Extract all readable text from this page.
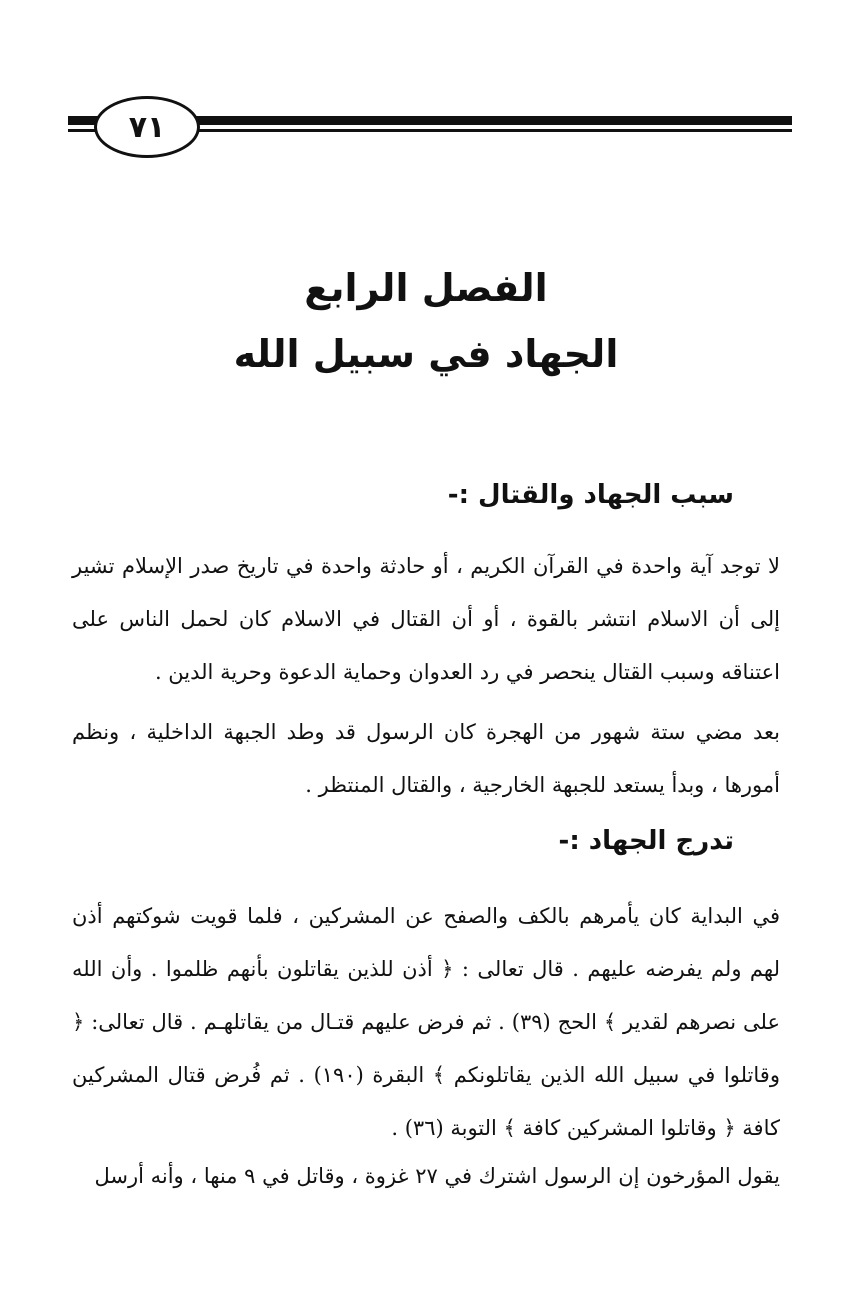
٧١
الفصل الرابع
الجهاد في سبيل الله
سبب الجهاد والقتال :-

لا توجد آية واحدة في القرآن الكريم ، أو حادثة واحدة في تاريخ صدر الإسلام تشير إلى أن الاسلام انتشر بالقوة ، أو أن القتال في الاسلام كان لحمل الناس على اعتناقه وسبب القتال ينحصر في رد العدوان وحماية الدعوة وحرية الدين .

بعد مضي ستة شهور من الهجرة كان الرسول قد وطد الجبهة الداخلية ، ونظم أمورها ، وبدأ يستعد للجبهة الخارجية ، والقتال المنتظر .

تدرج الجهاد :-

في البداية كان يأمرهم بالكف والصفح عن المشركين ، فلما قويت شوكتهم أذن لهم ولم يفرضه عليهم . قال تعالى : ﴿ أذن للذين يقاتلون بأنهم ظلموا . وأن الله على نصرهم لقدير ﴾ الحج (٣٩) . ثم فرض عليهم قتـال من يقاتلهـم . قال تعالى: ﴿ وقاتلوا في سبيل الله الذين يقاتلونكم ﴾ البقرة (١٩٠) . ثم فُرض قتال المشركين كافة ﴿ وقاتلوا المشركين كافة ﴾ التوبة (٣٦) .

يقول المؤرخون إن الرسول اشترك في ٢٧ غزوة ، وقاتل في ٩ منها ، وأنه أرسل
